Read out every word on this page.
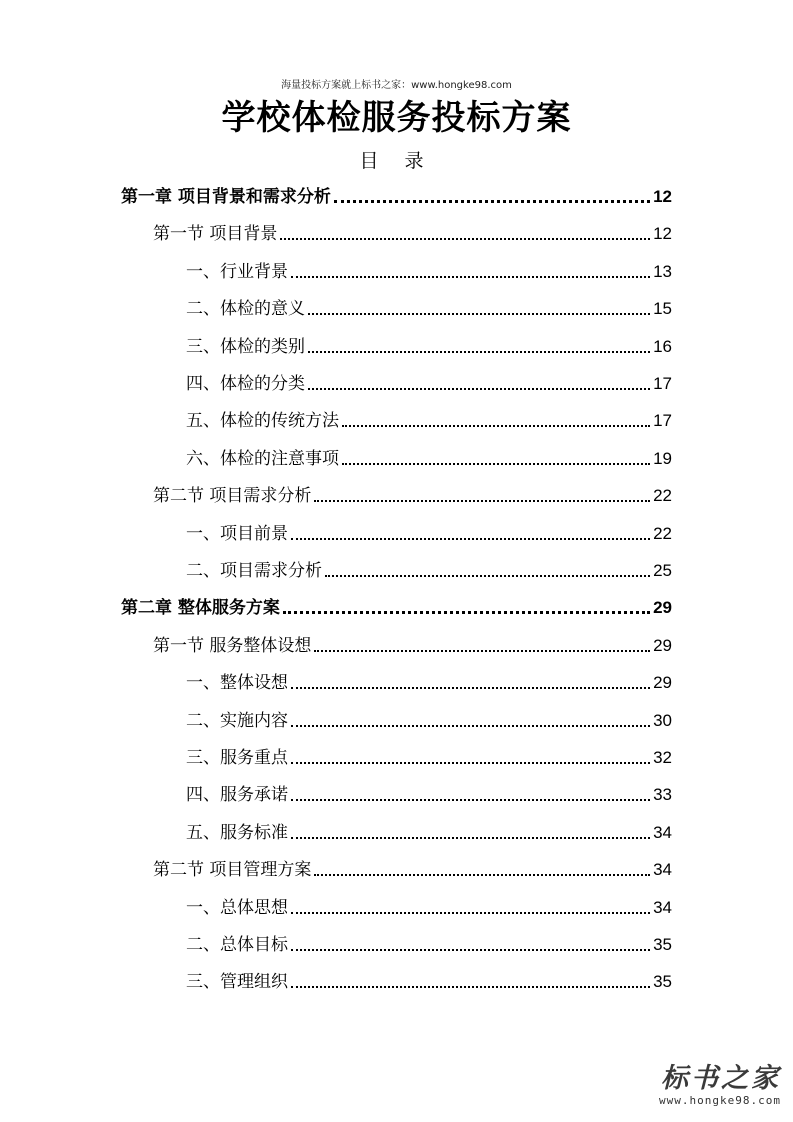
海量投标方案就上标书之家：www.hongke98.com
学校体检服务投标方案
目 录
第一章 项目背景和需求分析	12
第一节 项目背景	12
一、行业背景	13
二、体检的意义	15
三、体检的类别	16
四、体检的分类	17
五、体检的传统方法	17
六、体检的注意事项	19
第二节 项目需求分析	22
一、项目前景	22
二、项目需求分析	25
第二章 整体服务方案	29
第一节 服务整体设想	29
一、整体设想	29
二、实施内容	30
三、服务重点	32
四、服务承诺	33
五、服务标准	34
第二节 项目管理方案	34
一、总体思想	34
二、总体目标	35
三、管理组织	35
标书之家
www.hongke98.com
